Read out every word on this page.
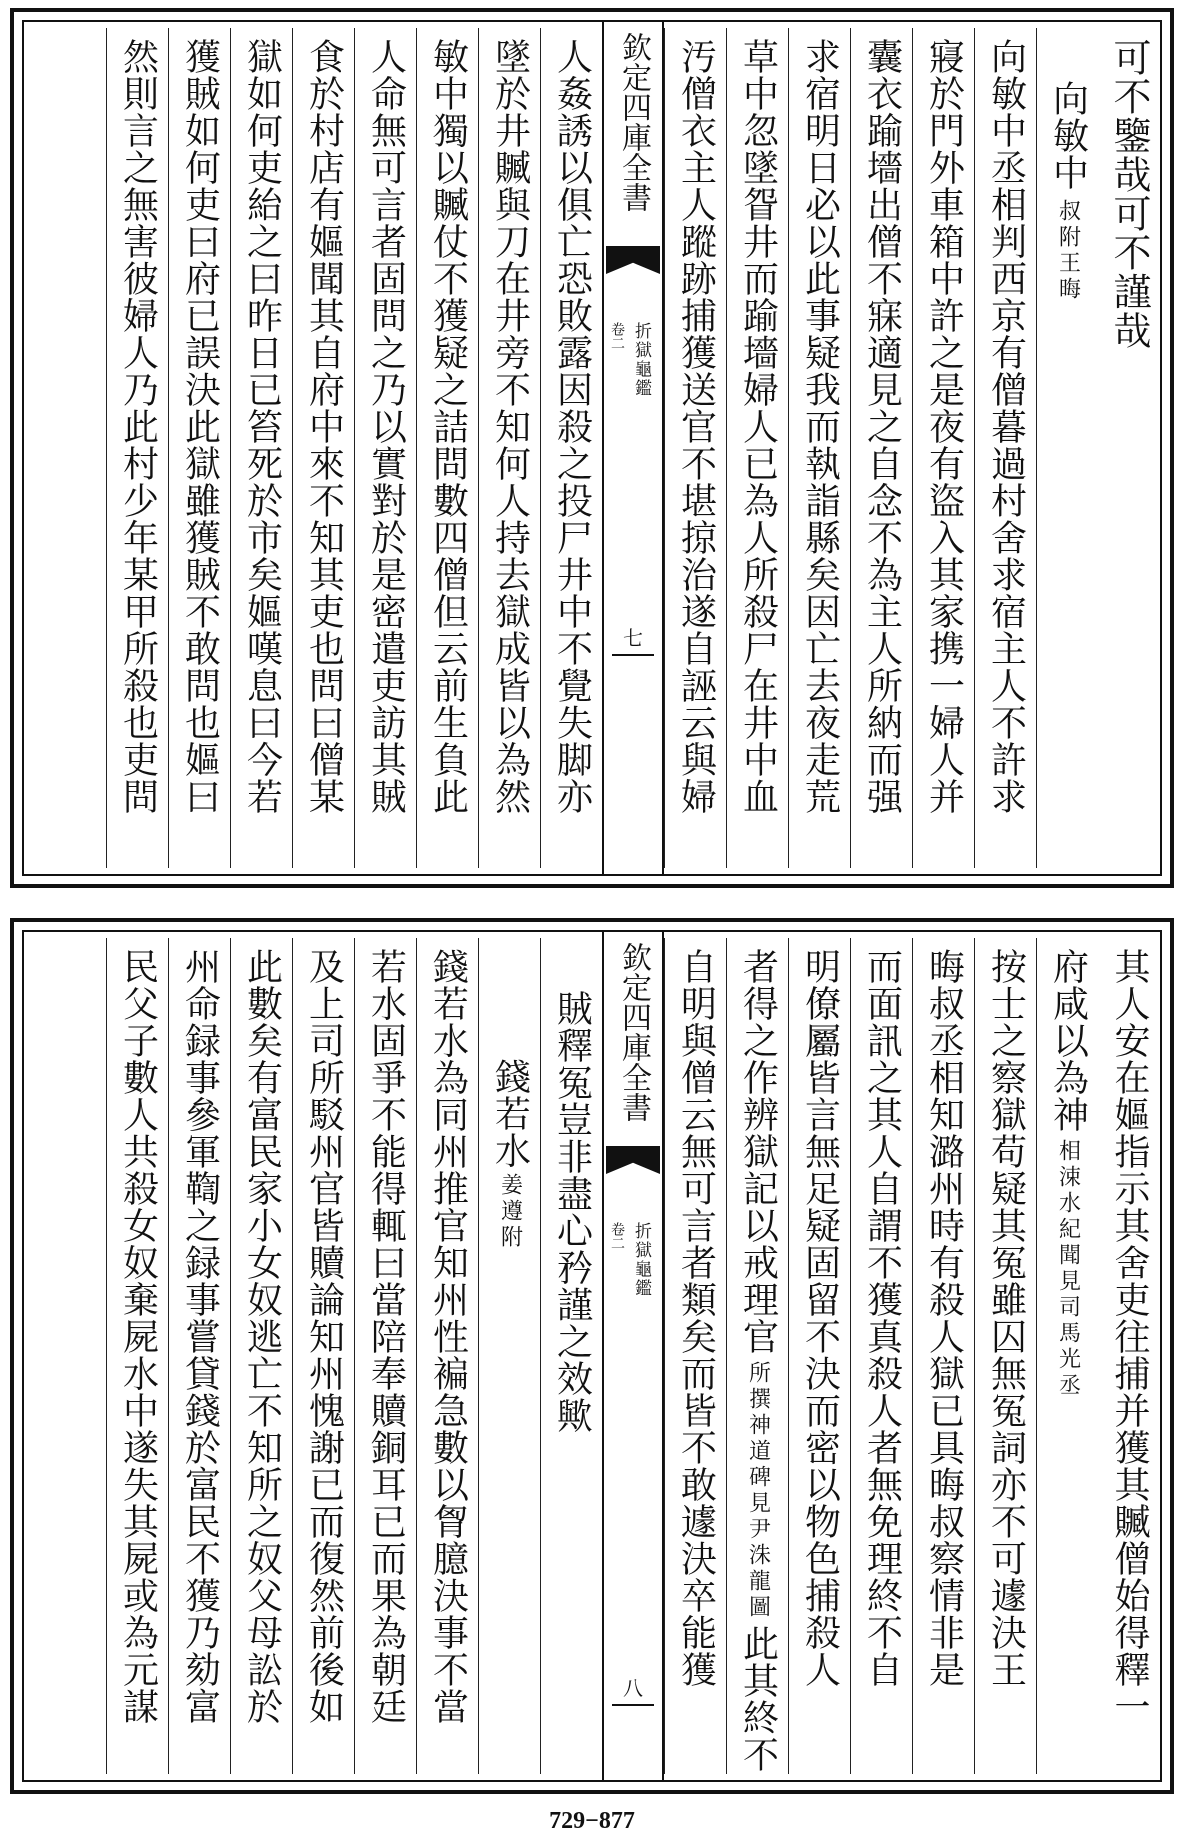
可不鑒哉可不謹哉
向敏中
王晦
叔附
向敏中丞相判西京有僧暮過村舍求宿主人不許求
寢於門外車箱中許之是夜有盜入其家携一婦人并
囊衣踰墻出僧不寐適見之自念不為主人所納而强
求宿明日必以此事疑我而執詣縣矣因亡去夜走荒
草中忽墜眢井而踰墻婦人已為人所殺尸在井中血
汚僧衣主人蹤跡捕獲送官不堪掠治遂自誣云與婦
欽定四庫全書
卷二 折獄龜鑑
七
人姦誘以俱亡恐敗露因殺之投尸井中不覺失脚亦
墜於井贓與刀在井旁不知何人持去獄成皆以為然
敏中獨以贓仗不獲疑之詰問數四僧但云前生負此
人命無可言者固問之乃以實對於是密遣吏訪其賊
食於村店有嫗聞其自府中來不知其吏也問曰僧某
獄如何吏紿之曰昨日已笞死於市矣嫗嘆息曰今若
獲賊如何吏曰府已誤決此獄雖獲賊不敢問也嫗曰
然則言之無害彼婦人乃此村少年某甲所殺也吏問
其人安在嫗指示其舍吏往捕并獲其贓僧始得釋一
府咸以為神
見司馬光丞
相涑水紀聞
按士之察獄苟疑其冤雖囚無冤詞亦不可遽決王
晦叔丞相知潞州時有殺人獄已具晦叔察情非是
而面訊之其人自謂不獲真殺人者無免理終不自
明僚屬皆言無足疑固留不決而密以物色捕殺人
者得之作辨獄記以戒理官
見尹洙龍圖
所撰神道碑
此其終不
自明與僧云無可言者類矣而皆不敢遽決卒能獲
欽定四庫全書
卷二 折獄龜鑑
八
賊釋冤豈非盡心矜謹之效歟
錢若水
姜遵附
錢若水為同州推官知州性褊急數以胷臆決事不當
若水固爭不能得輒曰當陪奉贖銅耳已而果為朝廷
及上司所駁州官皆贖論知州愧謝已而復然前後如
此數矣有富民家小女奴逃亡不知所之奴父母訟於
州命録事參軍鞫之録事嘗貸錢於富民不獲乃劾富
民父子數人共殺女奴棄屍水中遂失其屍或為元謀
729−877
